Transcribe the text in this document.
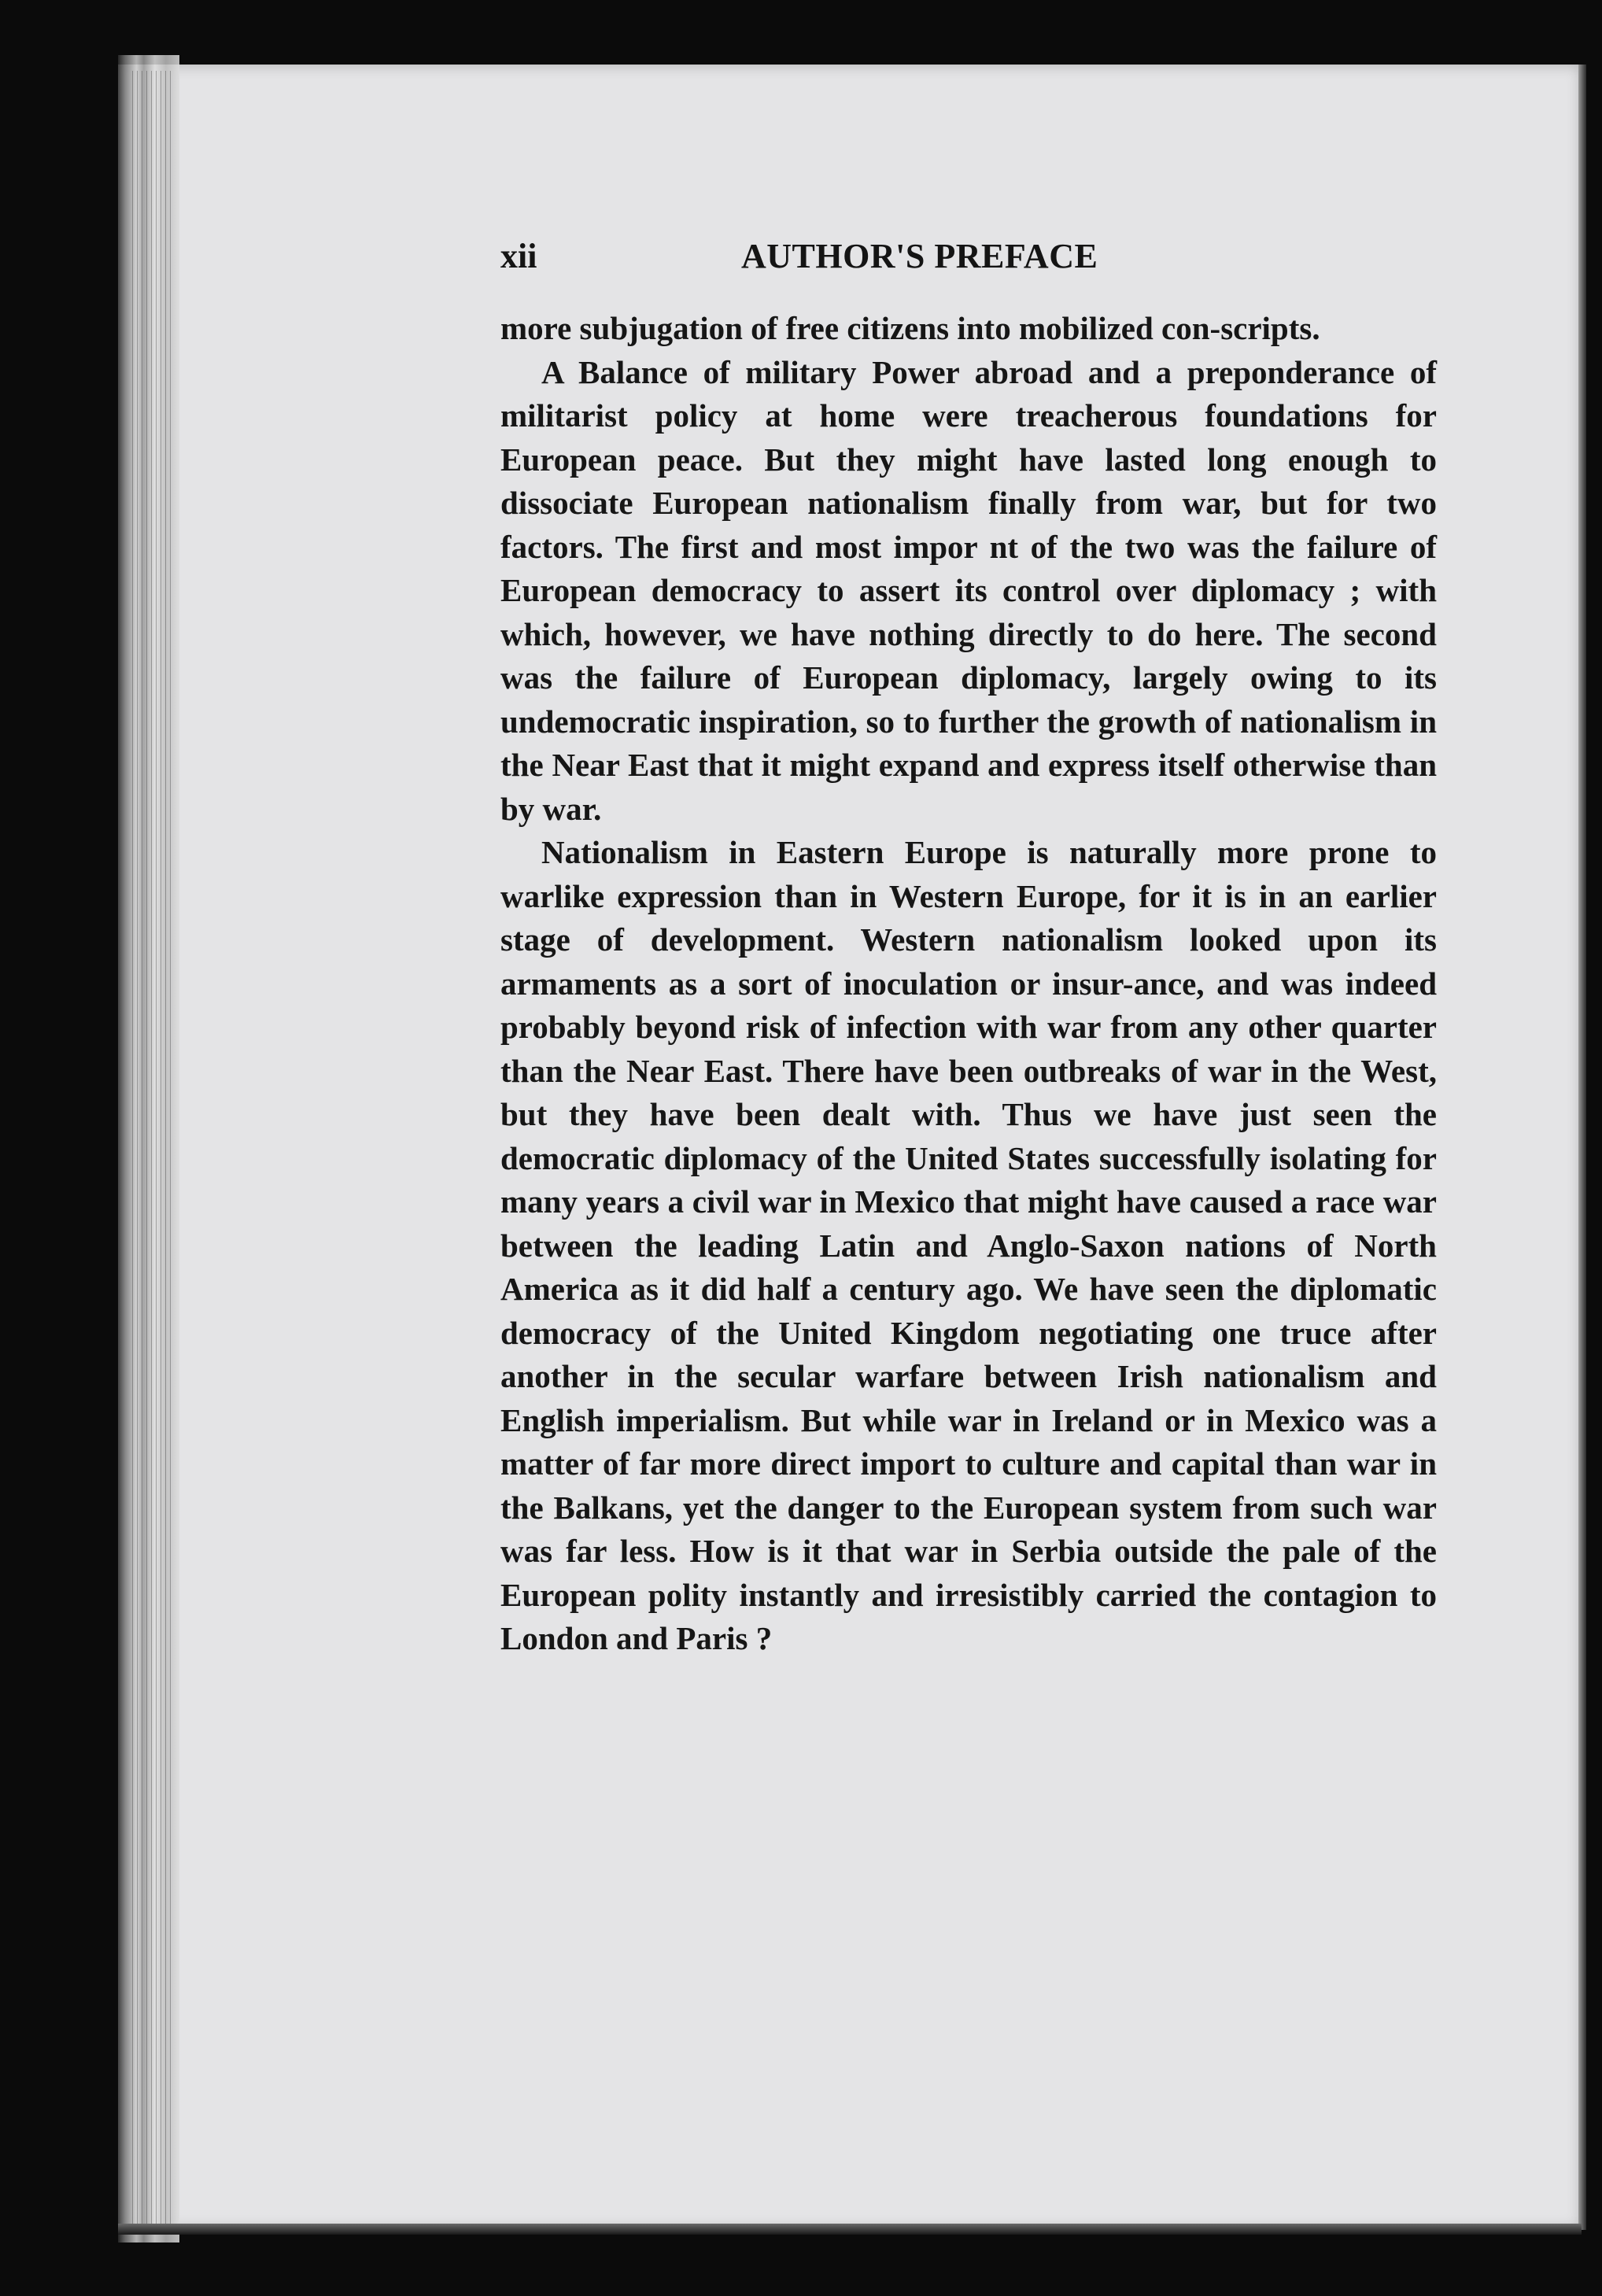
xii	AUTHOR'S PREFACE

more subjugation of free citizens into mobilized con-scripts.

A Balance of military Power abroad and a preponderance of militarist policy at home were treacherous foundations for European peace. But they might have lasted long enough to dissociate European nationalism finally from war, but for two factors. The first and most impor nt of the two was the failure of European democracy to assert its control over diplomacy ; with which, however, we have nothing directly to do here. The second was the failure of European diplomacy, largely owing to its undemocratic inspiration, so to further the growth of nationalism in the Near East that it might expand and express itself otherwise than by war.

Nationalism in Eastern Europe is naturally more prone to warlike expression than in Western Europe, for it is in an earlier stage of development. Western nationalism looked upon its armaments as a sort of inoculation or insur-ance, and was indeed probably beyond risk of infection with war from any other quarter than the Near East. There have been outbreaks of war in the West, but they have been dealt with. Thus we have just seen the democratic diplomacy of the United States successfully isolating for many years a civil war in Mexico that might have caused a race war between the leading Latin and Anglo-Saxon nations of North America as it did half a century ago. We have seen the diplomatic democracy of the United Kingdom negotiating one truce after another in the secular warfare between Irish nationalism and English imperialism. But while war in Ireland or in Mexico was a matter of far more direct import to culture and capital than war in the Balkans, yet the danger to the European system from such war was far less. How is it that war in Serbia outside the pale of the European polity instantly and irresistibly carried the contagion to London and Paris ?
